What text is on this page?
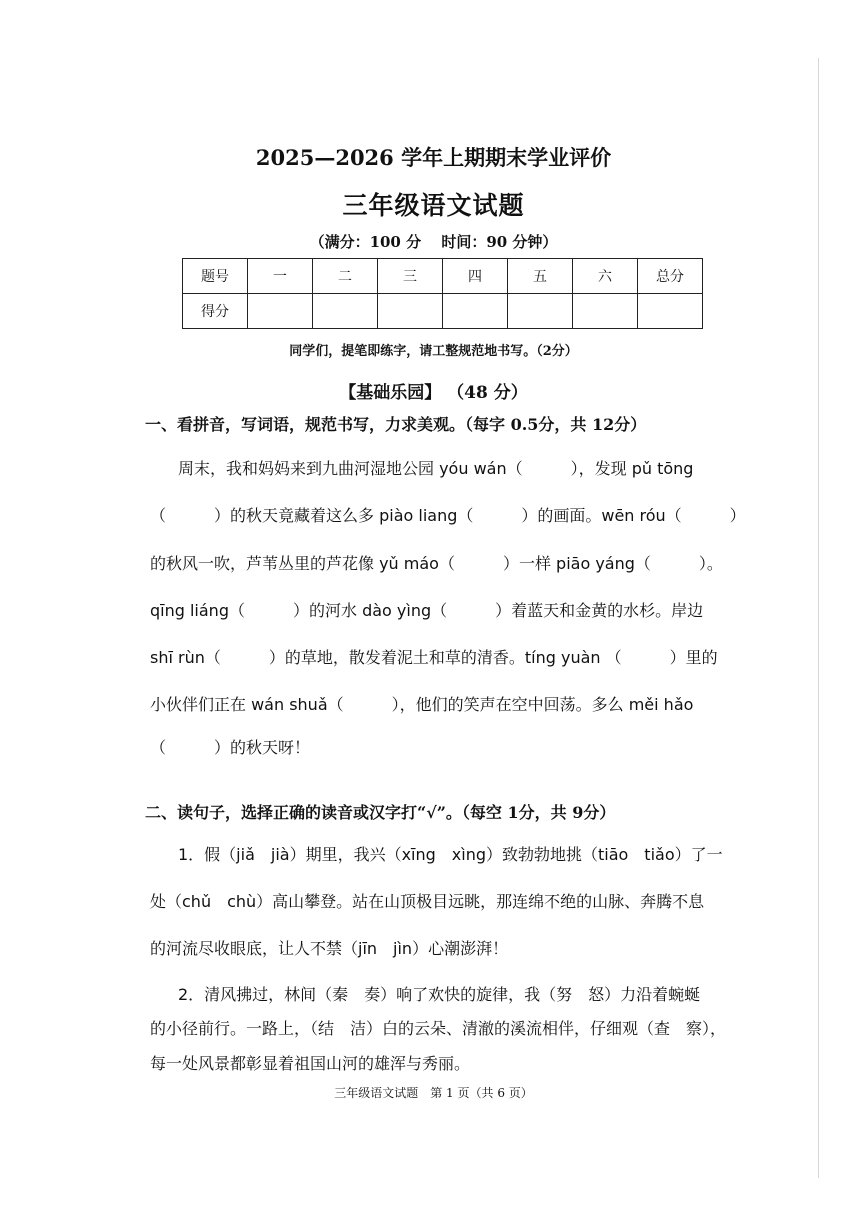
2025—2026 学年上期期末学业评价
三年级语文试题
（满分：100 分　 时间：90 分钟）
题号	一	二	三	四	五	六	总分
得分							
同学们，提笔即练字，请工整规范地书写。（2分）
【基础乐园】 （48 分）
一、看拼音，写词语，规范书写，力求美观。（每字 0.5分，共 12分）
周末，我和妈妈来到九曲河湿地公园 yóu wán（　　　），发现 pǔ tōng
（　　　）的秋天竟藏着这么多 piào liang（　　　）的画面。wēn róu（　　　）
的秋风一吹，芦苇丛里的芦花像 yǔ máo（　　　）一样 piāo yáng（　　　）。
qīng liáng（　　　）的河水 dào yìng（　　　）着蓝天和金黄的水杉。岸边
shī rùn（　　　）的草地，散发着泥土和草的清香。tíng yuàn （　　　）里的
小伙伴们正在 wán shuǎ（　　　），他们的笑声在空中回荡。多么 měi hǎo
（　　　）的秋天呀！
二、读句子，选择正确的读音或汉字打“√”。（每空 1分，共 9分）
1．假（jiǎ　jià）期里，我兴（xīng　xìng）致勃勃地挑（tiāo　tiǎo）了一
处（chǔ　chù）高山攀登。站在山顶极目远眺，那连绵不绝的山脉、奔腾不息
的河流尽收眼底，让人不禁（jīn　jìn）心潮澎湃！
2．清风拂过，林间（秦　奏）响了欢快的旋律，我（努　怒）力沿着蜿蜒
的小径前行。一路上，（结　洁）白的云朵、清澈的溪流相伴，仔细观（查　察），
每一处风景都彰显着祖国山河的雄浑与秀丽。
三年级语文试题　第 1 页（共 6 页）
